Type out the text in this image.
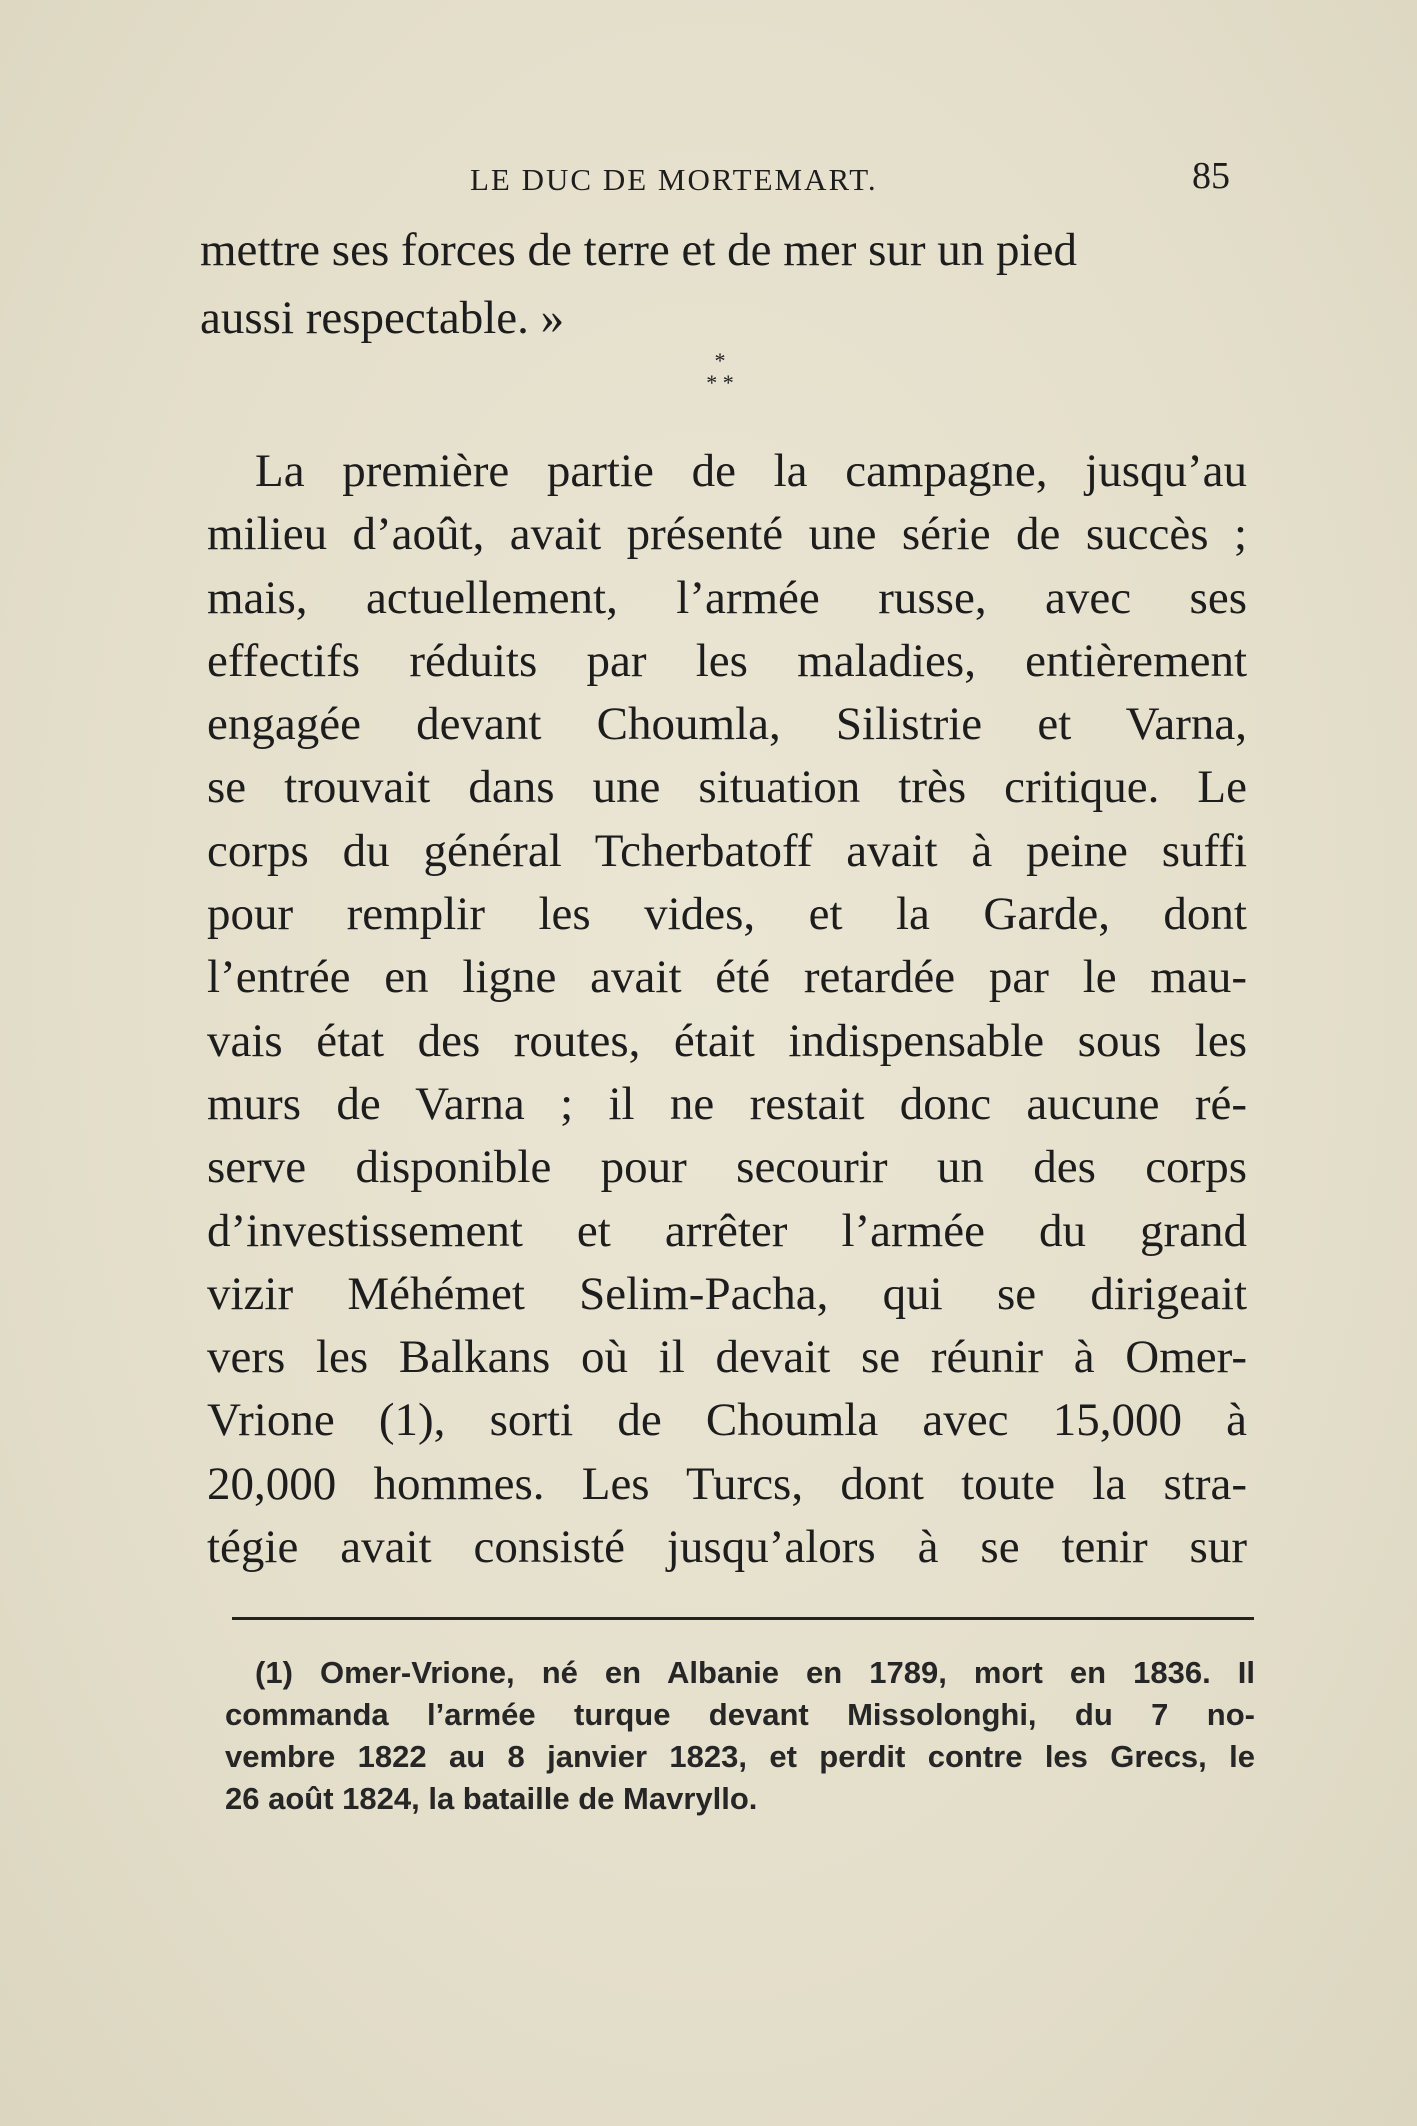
LE DUC DE MORTEMART.	85
mettre ses forces de terre et de mer sur un pied
aussi respectable. »
*
* *
La première partie de la campagne, jusqu’au
milieu d’août, avait présenté une série de succès ;
mais, actuellement, l’armée russe, avec ses
effectifs réduits par les maladies, entièrement
engagée devant Choumla, Silistrie et Varna,
se trouvait dans une situation très critique. Le
corps du général Tcherbatoff avait à peine suffi
pour remplir les vides, et la Garde, dont
l’entrée en ligne avait été retardée par le mau-
vais état des routes, était indispensable sous les
murs de Varna ; il ne restait donc aucune ré-
serve disponible pour secourir un des corps
d’investissement et arrêter l’armée du grand
vizir Méhémet Selim-Pacha, qui se dirigeait
vers les Balkans où il devait se réunir à Omer-
Vrione (1), sorti de Choumla avec 15,000 à
20,000 hommes. Les Turcs, dont toute la stra-
tégie avait consisté jusqu’alors à se tenir sur
(1) Omer-Vrione, né en Albanie en 1789, mort en 1836. Il
commanda l’armée turque devant Missolonghi, du 7 no-
vembre 1822 au 8 janvier 1823, et perdit contre les Grecs, le
26 août 1824, la bataille de Mavryllo.
